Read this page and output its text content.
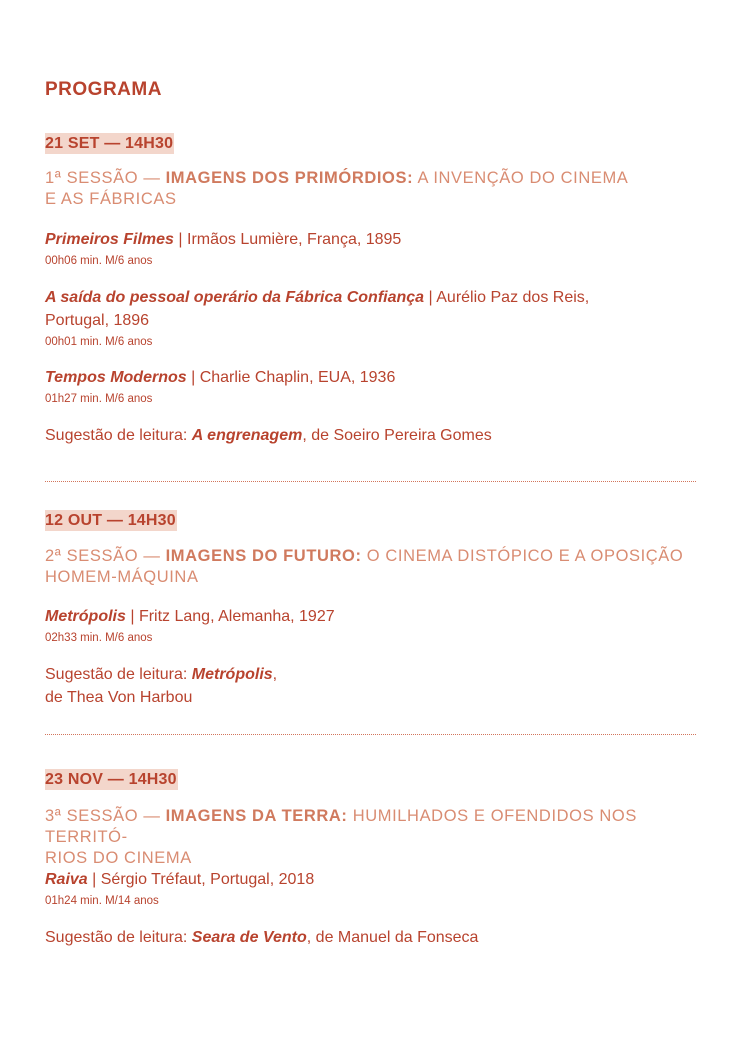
PROGRAMA
21 SET — 14H30

1ª SESSÃO — IMAGENS DOS PRIMÓRDIOS: A INVENÇÃO DO CINEMA
E AS FÁBRICAS

Primeiros Filmes | Irmãos Lumière, França, 1895
00h06 min. M/6 anos
A saída do pessoal operário da Fábrica Confiança | Aurélio Paz dos Reis,
Portugal, 1896
00h01 min. M/6 anos
Tempos Modernos | Charlie Chaplin, EUA, 1936
01h27 min. M/6 anos
Sugestão de leitura: A engrenagem, de Soeiro Pereira Gomes
12 OUT — 14H30

2ª SESSÃO — IMAGENS DO FUTURO: O CINEMA DISTÓPICO E A OPOSIÇÃO
HOMEM-MÁQUINA

Metrópolis | Fritz Lang, Alemanha, 1927
02h33 min. M/6 anos
Sugestão de leitura: Metrópolis,
de Thea Von Harbou
23 NOV — 14H30

3ª SESSÃO — IMAGENS DA TERRA: HUMILHADOS E OFENDIDOS NOS TERRITÓ-
RIOS DO CINEMA

Raiva | Sérgio Tréfaut, Portugal, 2018
01h24 min. M/14 anos
Sugestão de leitura: Seara de Vento, de Manuel da Fonseca
